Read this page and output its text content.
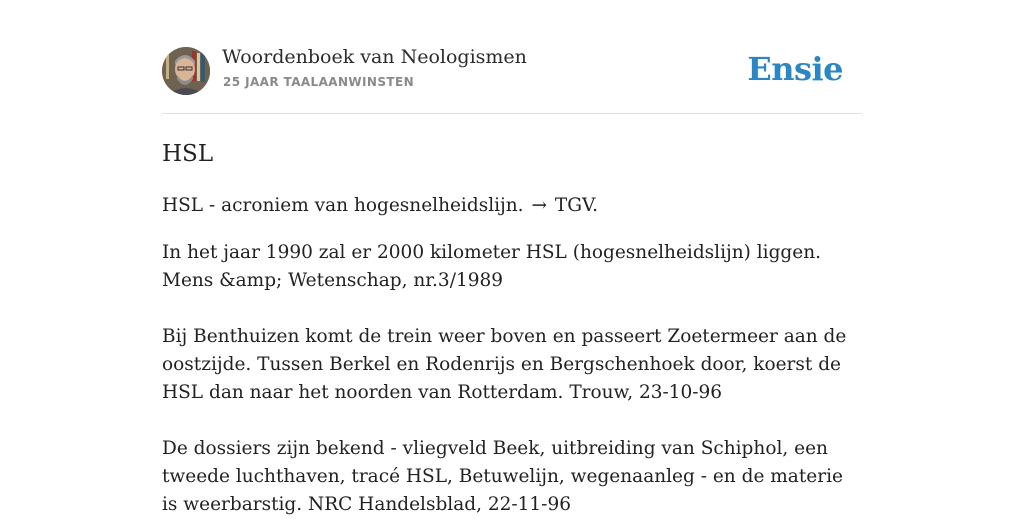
Woordenboek van Neologismen
25 JAAR TAALAANWINSTEN	Ensie
HSL

HSL - acroniem van hogesnelheidslijn. → TGV.

In het jaar 1990 zal er 2000 kilometer HSL (hogesnelheidslijn) liggen. Mens &amp; Wetenschap, nr.3/1989

Bij Benthuizen komt de trein weer boven en passeert Zoetermeer aan de oostzijde. Tussen Berkel en Rodenrijs en Bergschenhoek door, koerst de HSL dan naar het noorden van Rotterdam. Trouw, 23-10-96

De dossiers zijn bekend - vliegveld Beek, uitbreiding van Schiphol, een tweede luchthaven, tracé HSL, Betuwelijn, wegenaanleg - en de materie is weerbarstig. NRC Handelsblad, 22-11-96
